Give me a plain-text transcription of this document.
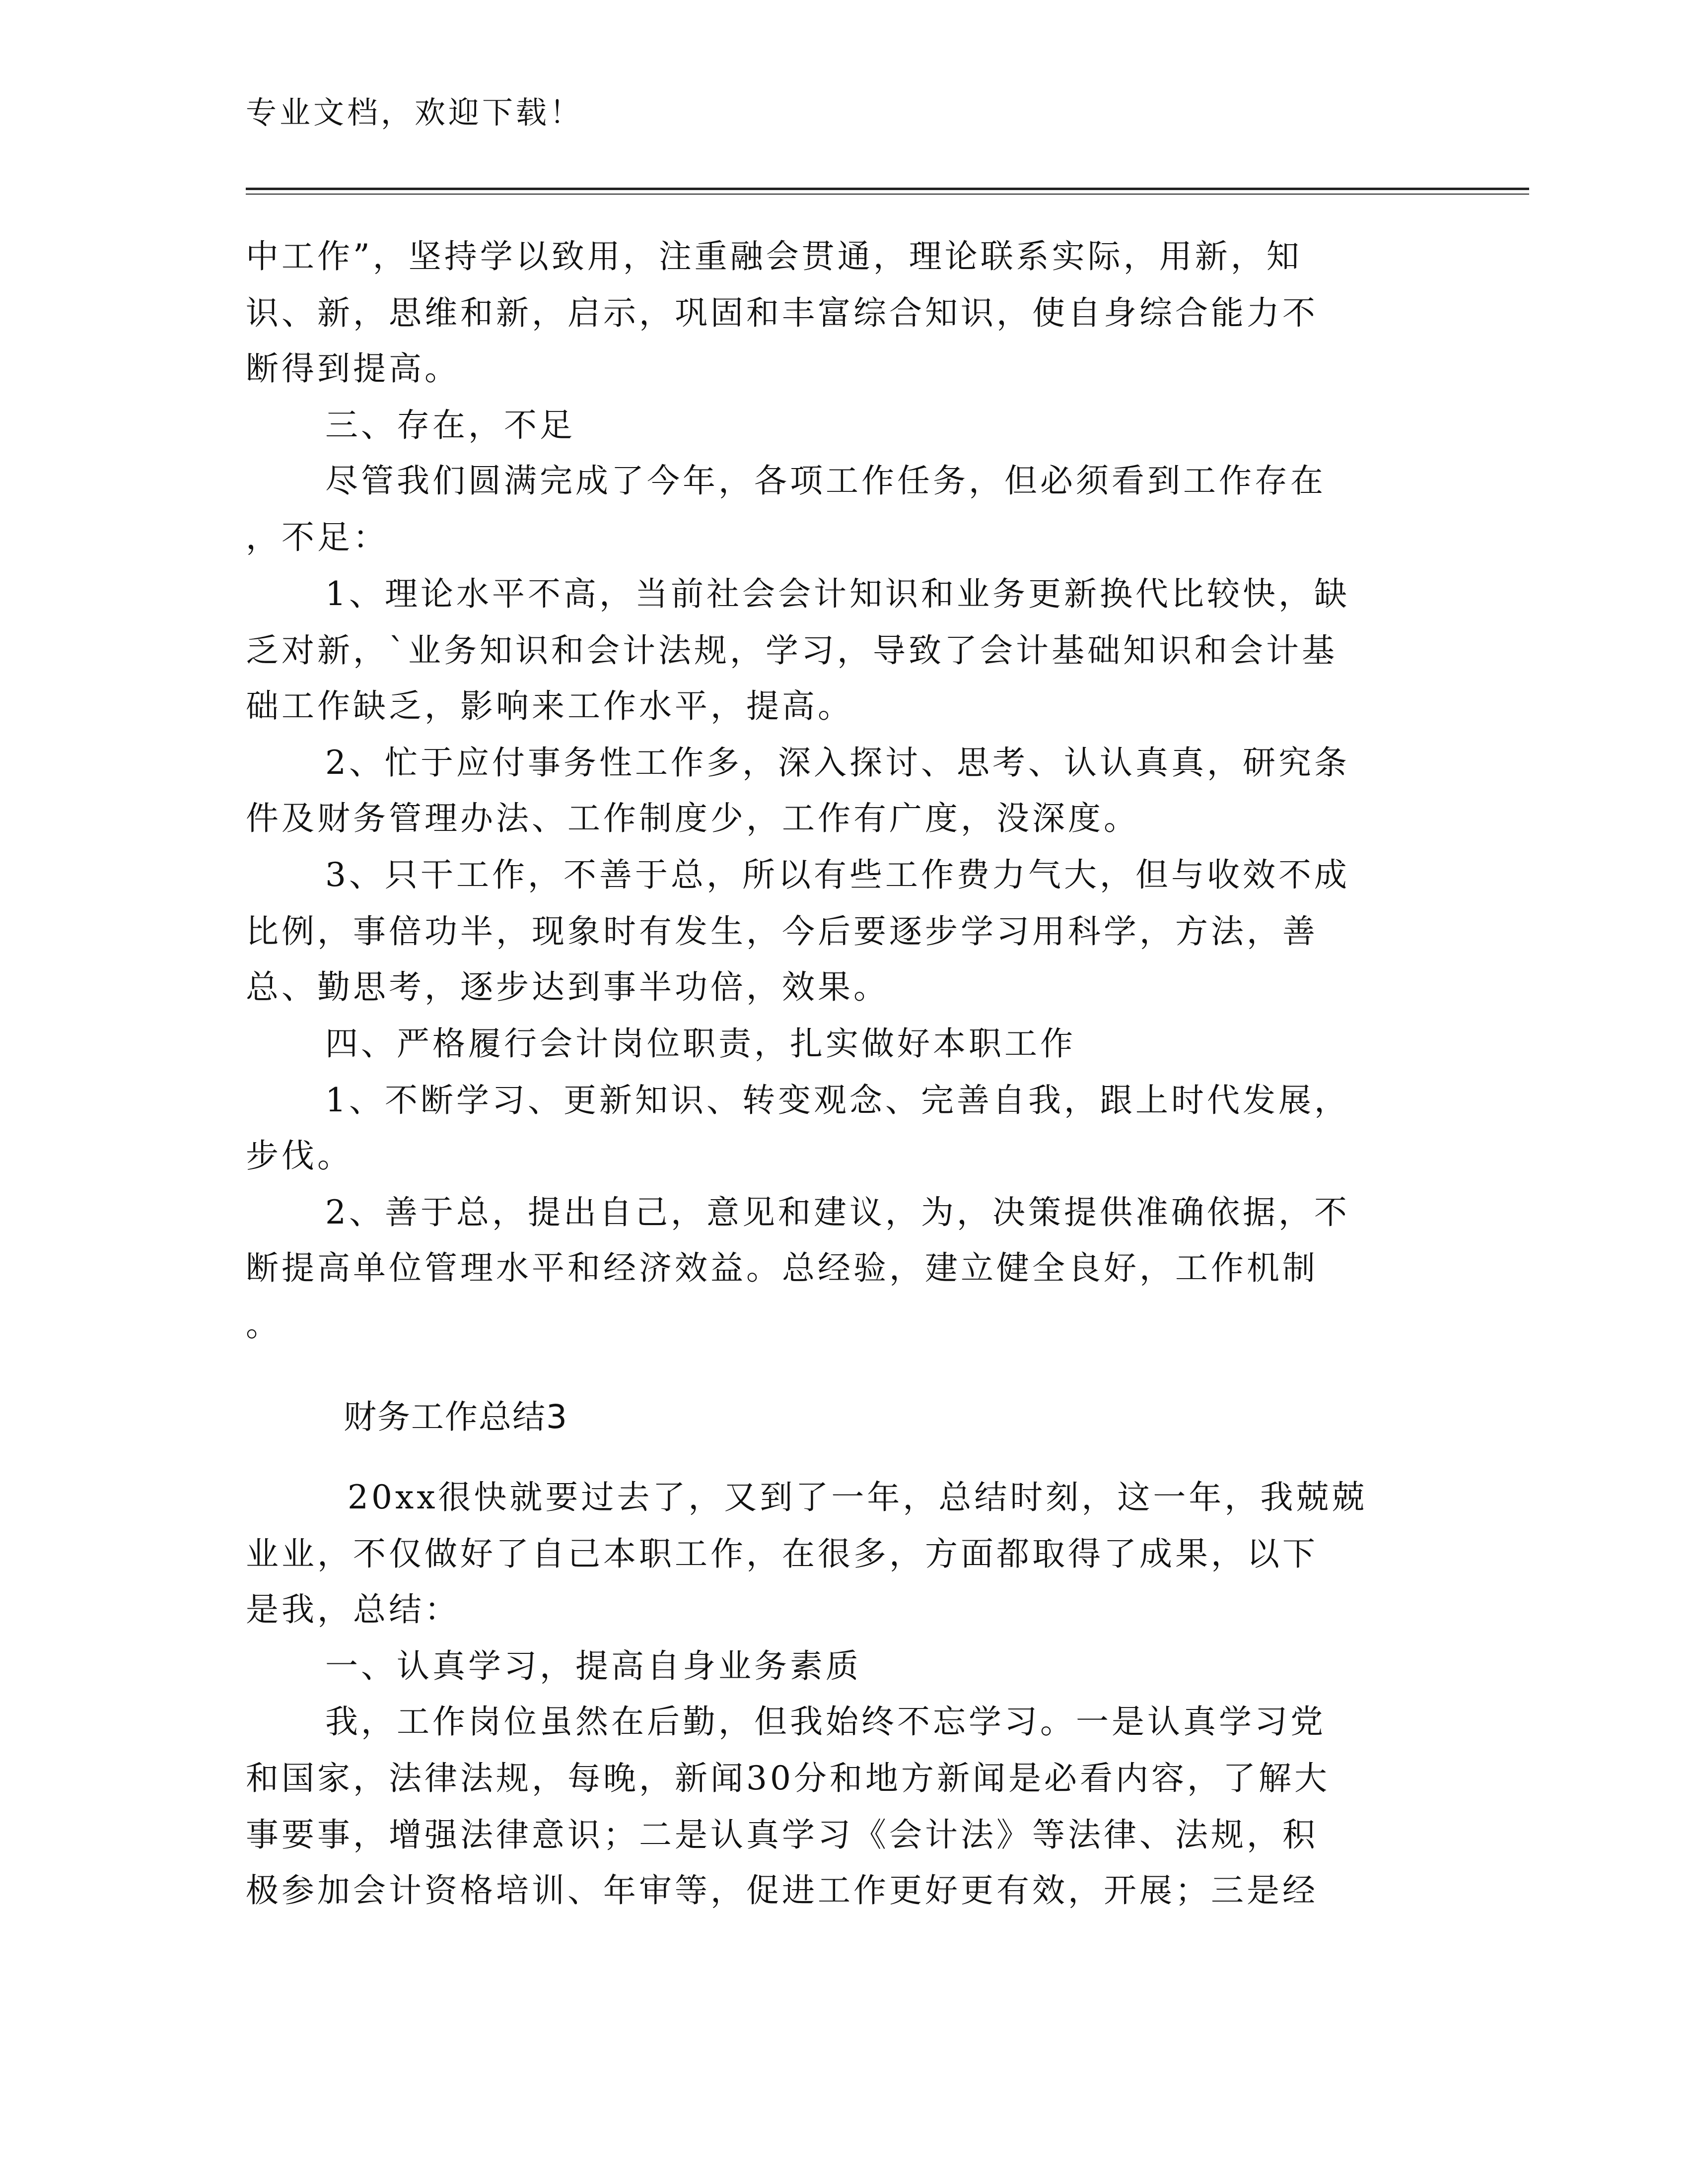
专业文档，欢迎下载！
中工作”，坚持学以致用，注重融会贯通，理论联系实际，用新，知
识、新，思维和新，启示，巩固和丰富综合知识，使自身综合能力不
断得到提高。
三、存在，不足
尽管我们圆满完成了今年，各项工作任务，但必须看到工作存在
，不足：
1、理论水平不高，当前社会会计知识和业务更新换代比较快，缺
乏对新，`业务知识和会计法规，学习，导致了会计基础知识和会计基
础工作缺乏，影响来工作水平，提高。
2、忙于应付事务性工作多，深入探讨、思考、认认真真，研究条
件及财务管理办法、工作制度少，工作有广度，没深度。
3、只干工作，不善于总，所以有些工作费力气大，但与收效不成
比例，事倍功半，现象时有发生，今后要逐步学习用科学，方法，善
总、勤思考，逐步达到事半功倍，效果。
四、严格履行会计岗位职责，扎实做好本职工作
1、不断学习、更新知识、转变观念、完善自我，跟上时代发展，
步伐。
2、善于总，提出自己，意见和建议，为，决策提供准确依据，不
断提高单位管理水平和经济效益。总经验，建立健全良好，工作机制
。
财务工作总结3
20xx很快就要过去了，又到了一年，总结时刻，这一年，我兢兢
业业，不仅做好了自己本职工作，在很多，方面都取得了成果，以下
是我，总结：
一、认真学习，提高自身业务素质
我，工作岗位虽然在后勤，但我始终不忘学习。一是认真学习党
和国家，法律法规，每晚，新闻30分和地方新闻是必看内容，了解大
事要事，增强法律意识；二是认真学习《会计法》等法律、法规，积
极参加会计资格培训、年审等，促进工作更好更有效，开展；三是经
